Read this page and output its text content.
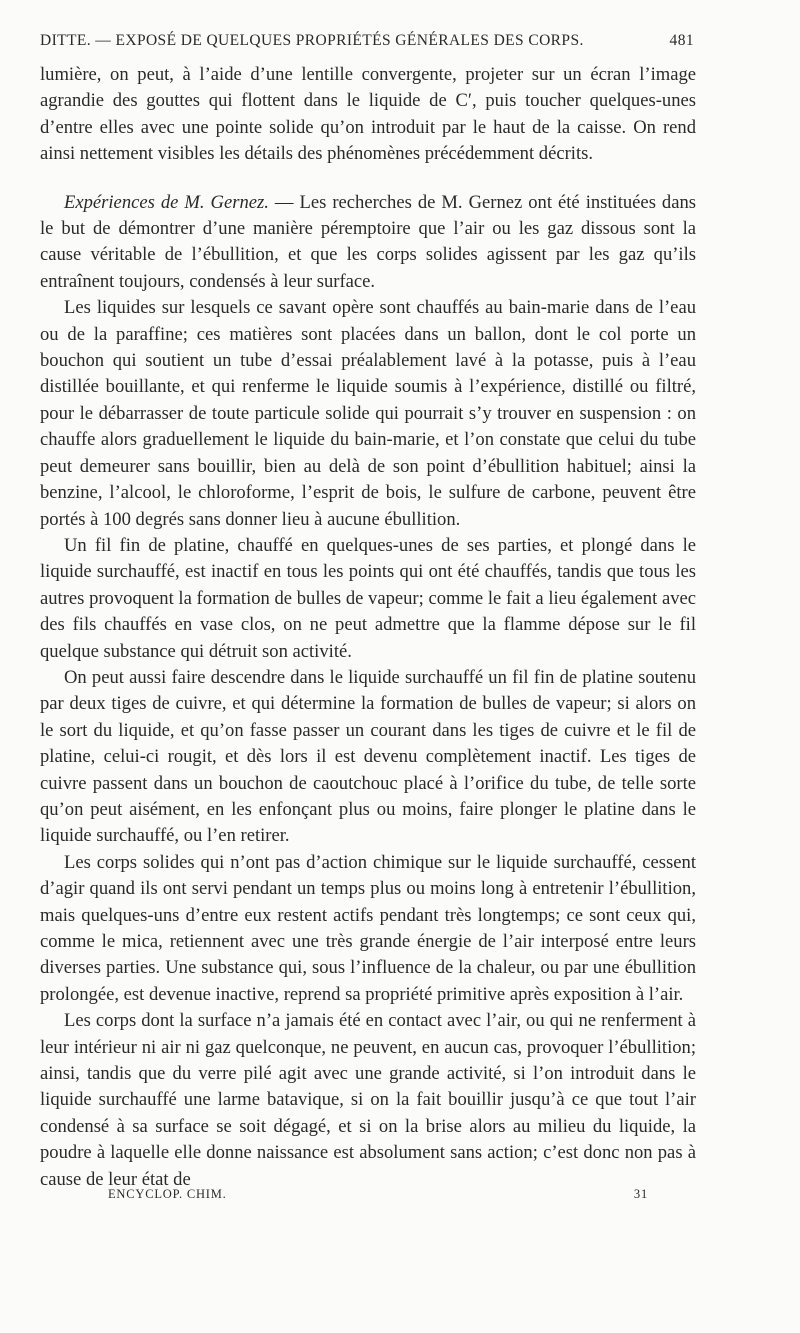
DITTE. — EXPOSÉ DE QUELQUES PROPRIÉTÉS GÉNÉRALES DES CORPS.	481

lumière, on peut, à l’aide d’une lentille convergente, projeter sur un écran l’image agrandie des gouttes qui flottent dans le liquide de C′, puis toucher quelques-unes d’entre elles avec une pointe solide qu’on introduit par le haut de la caisse. On rend ainsi nettement visibles les détails des phénomènes précédemment décrits.

Expériences de M. Gernez. — Les recherches de M. Gernez ont été instituées dans le but de démontrer d’une manière péremptoire que l’air ou les gaz dissous sont la cause véritable de l’ébullition, et que les corps solides agissent par les gaz qu’ils entraînent toujours, condensés à leur surface.

Les liquides sur lesquels ce savant opère sont chauffés au bain-marie dans de l’eau ou de la paraffine; ces matières sont placées dans un ballon, dont le col porte un bouchon qui soutient un tube d’essai préalablement lavé à la potasse, puis à l’eau distillée bouillante, et qui renferme le liquide soumis à l’expérience, distillé ou filtré, pour le débarrasser de toute particule solide qui pourrait s’y trouver en suspension : on chauffe alors graduellement le liquide du bain-marie, et l’on constate que celui du tube peut demeurer sans bouillir, bien au delà de son point d’ébullition habituel; ainsi la benzine, l’alcool, le chloroforme, l’esprit de bois, le sulfure de carbone, peuvent être portés à 100 degrés sans donner lieu à aucune ébullition.

Un fil fin de platine, chauffé en quelques-unes de ses parties, et plongé dans le liquide surchauffé, est inactif en tous les points qui ont été chauffés, tandis que tous les autres provoquent la formation de bulles de vapeur; comme le fait a lieu également avec des fils chauffés en vase clos, on ne peut admettre que la flamme dépose sur le fil quelque substance qui détruit son activité.

On peut aussi faire descendre dans le liquide surchauffé un fil fin de platine soutenu par deux tiges de cuivre, et qui détermine la formation de bulles de vapeur; si alors on le sort du liquide, et qu’on fasse passer un courant dans les tiges de cuivre et le fil de platine, celui-ci rougit, et dès lors il est devenu complètement inactif. Les tiges de cuivre passent dans un bouchon de caoutchouc placé à l’orifice du tube, de telle sorte qu’on peut aisément, en les enfonçant plus ou moins, faire plonger le platine dans le liquide surchauffé, ou l’en retirer.

Les corps solides qui n’ont pas d’action chimique sur le liquide surchauffé, cessent d’agir quand ils ont servi pendant un temps plus ou moins long à entretenir l’ébullition, mais quelques-uns d’entre eux restent actifs pendant très longtemps; ce sont ceux qui, comme le mica, retiennent avec une très grande énergie de l’air interposé entre leurs diverses parties. Une substance qui, sous l’influence de la chaleur, ou par une ébullition prolongée, est devenue inactive, reprend sa propriété primitive après exposition à l’air.

Les corps dont la surface n’a jamais été en contact avec l’air, ou qui ne renferment à leur intérieur ni air ni gaz quelconque, ne peuvent, en aucun cas, provoquer l’ébullition; ainsi, tandis que du verre pilé agit avec une grande activité, si l’on introduit dans le liquide surchauffé une larme batavique, si on la fait bouillir jusqu’à ce que tout l’air condensé à sa surface se soit dégagé, et si on la brise alors au milieu du liquide, la poudre à laquelle elle donne naissance est absolument sans action; c’est donc non pas à cause de leur état de

ENCYCLOP. CHIM.	31
